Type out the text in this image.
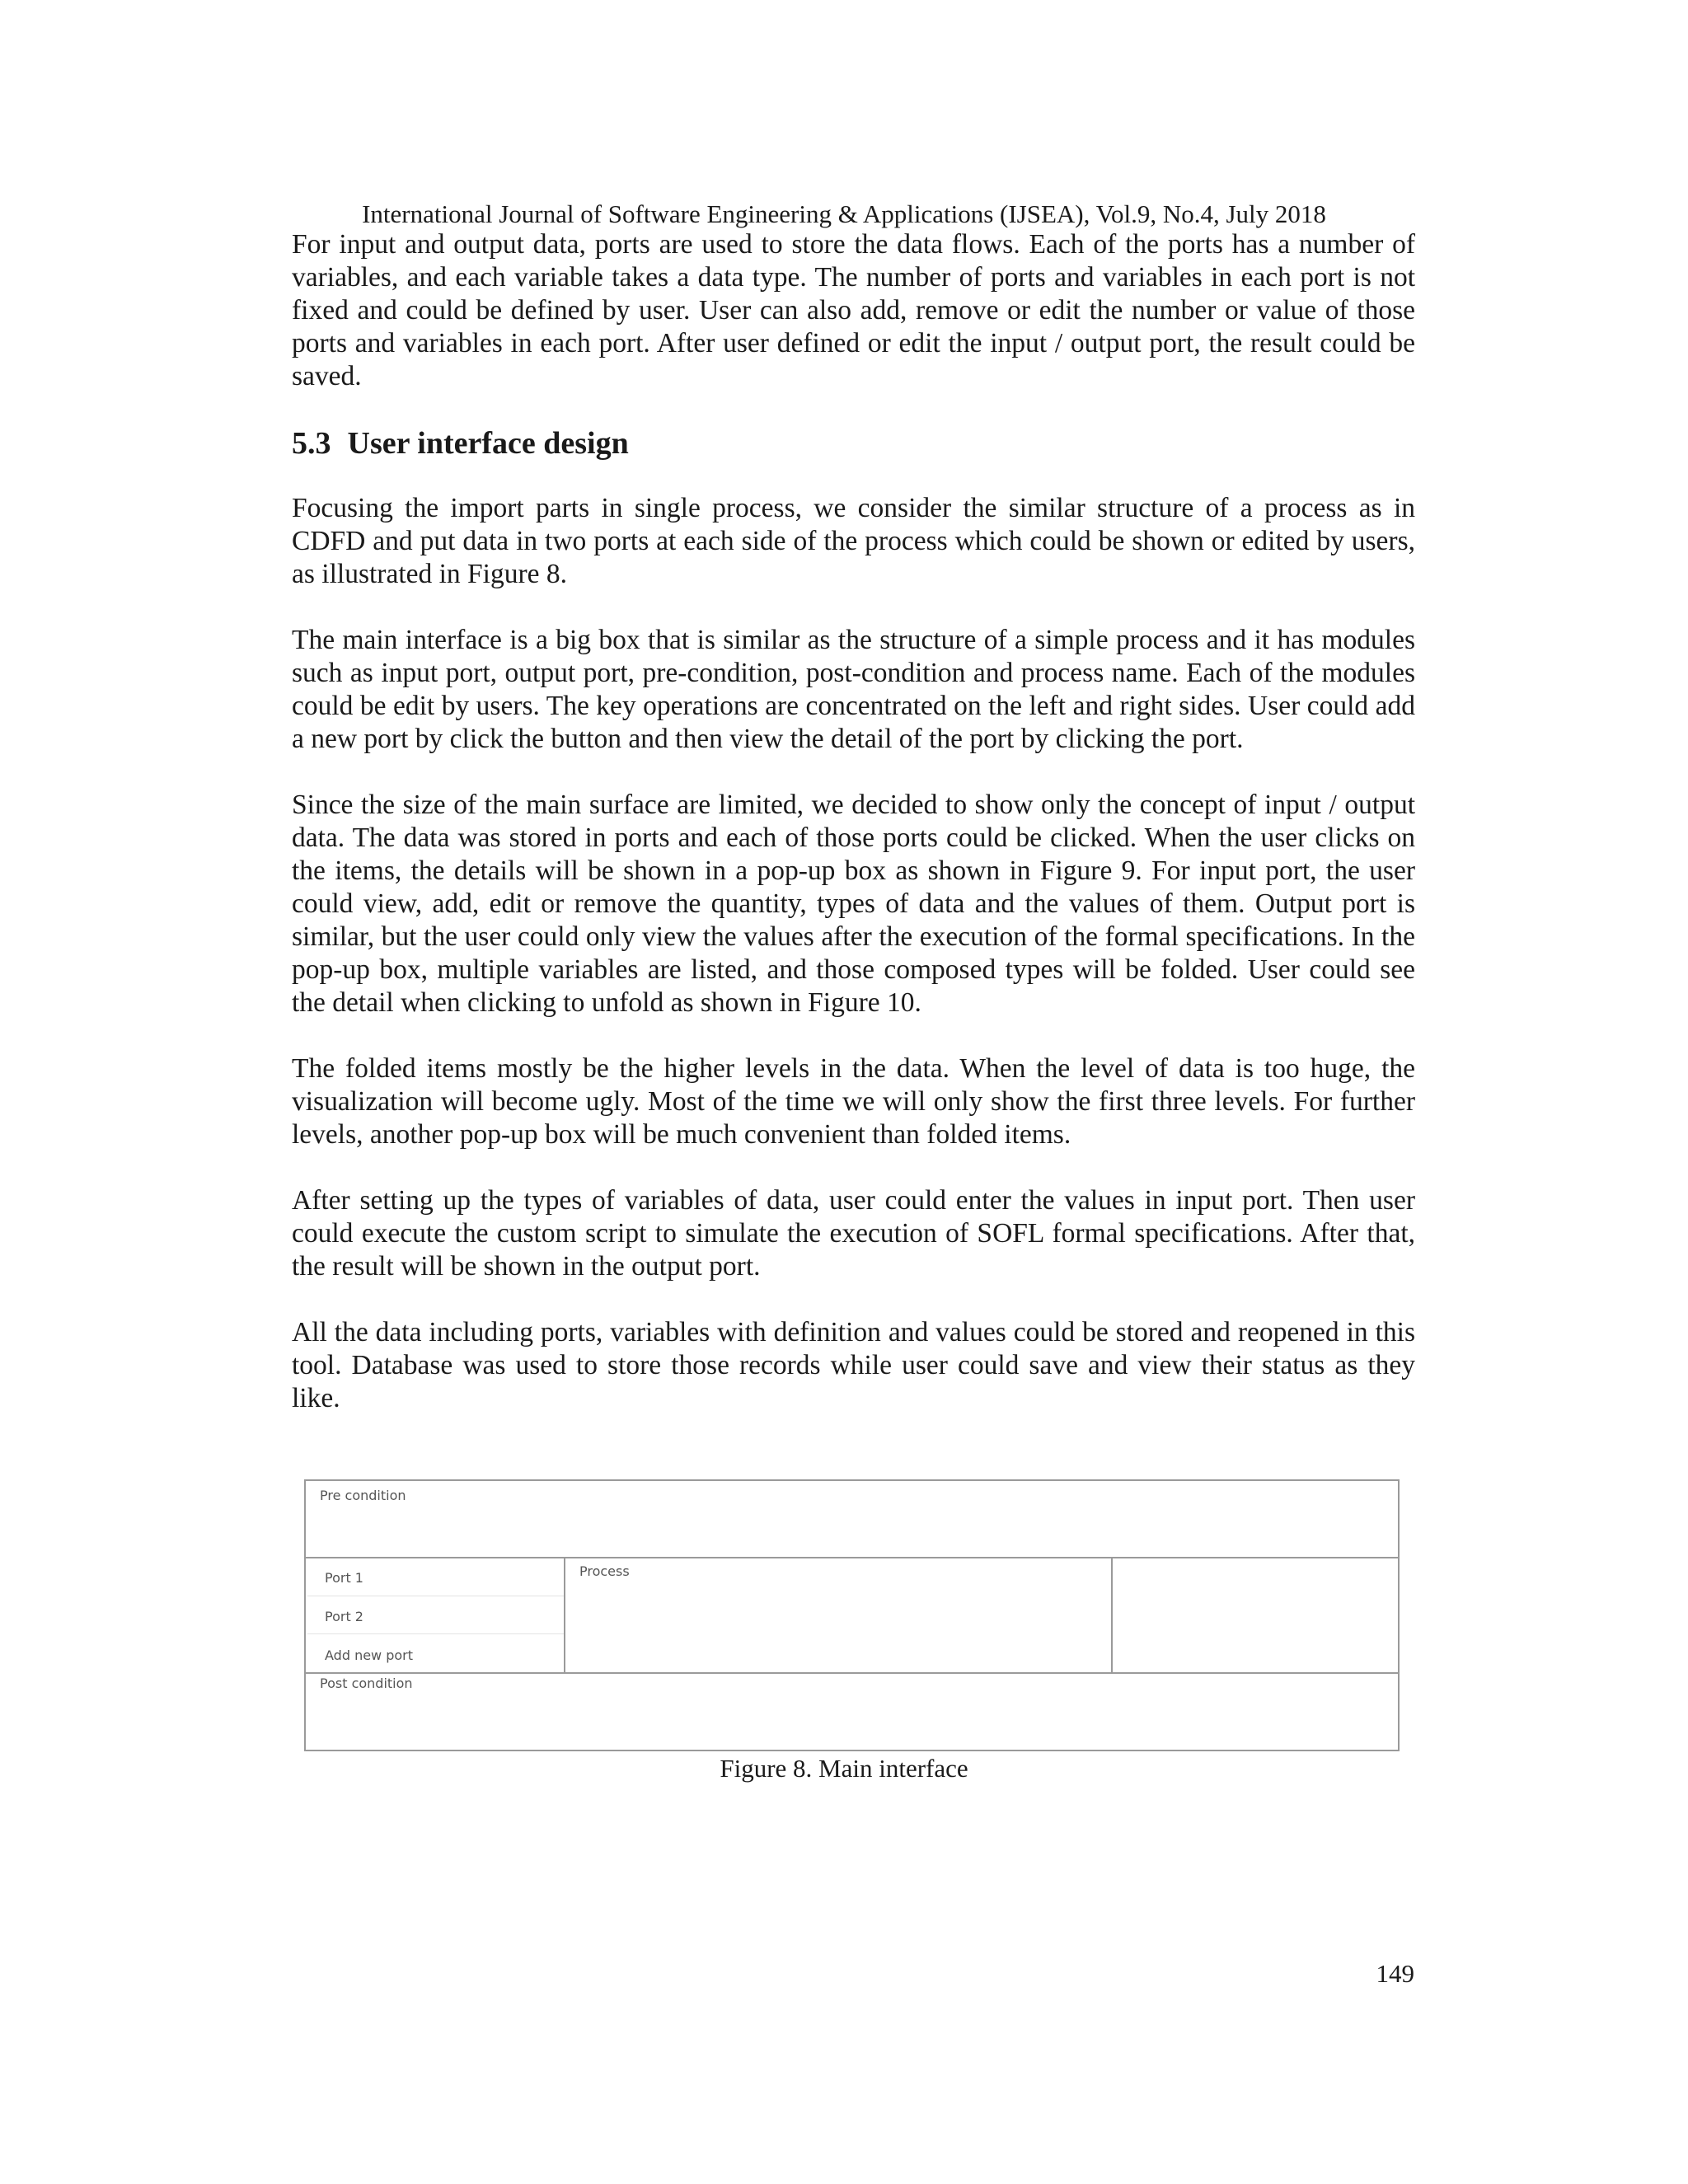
International Journal of Software Engineering & Applications (IJSEA), Vol.9, No.4, July 2018

For input and output data, ports are used to store the data flows. Each of the ports has a number of variables, and each variable takes a data type. The number of ports and variables in each port is not fixed and could be defined by user. User can also add, remove or edit the number or value of those ports and variables in each port. After user defined or edit the input / output port, the result could be saved.

5.3 User interface design

Focusing the import parts in single process, we consider the similar structure of a process as in CDFD and put data in two ports at each side of the process which could be shown or edited by users, as illustrated in Figure 8.

The main interface is a big box that is similar as the structure of a simple process and it has modules such as input port, output port, pre-condition, post-condition and process name. Each of the modules could be edit by users. The key operations are concentrated on the left and right sides. User could add a new port by click the button and then view the detail of the port by clicking the port.

Since the size of the main surface are limited, we decided to show only the concept of input / output data. The data was stored in ports and each of those ports could be clicked. When the user clicks on the items, the details will be shown in a pop-up box as shown in Figure 9. For input port, the user could view, add, edit or remove the quantity, types of data and the values of them. Output port is similar, but the user could only view the values after the execution of the formal specifications. In the pop-up box, multiple variables are listed, and those composed types will be folded. User could see the detail when clicking to unfold as shown in Figure 10.

The folded items mostly be the higher levels in the data. When the level of data is too huge, the visualization will become ugly. Most of the time we will only show the first three levels. For further levels, another pop-up box will be much convenient than folded items.

After setting up the types of variables of data, user could enter the values in input port. Then user could execute the custom script to simulate the execution of SOFL formal specifications. After that, the result will be shown in the output port.

All the data including ports, variables with definition and values could be stored and reopened in this tool. Database was used to store those records while user could save and view their status as they like.

Pre condition
Port 1
Port 2
Add new port
Process
Post condition
Figure 8. Main interface
149
